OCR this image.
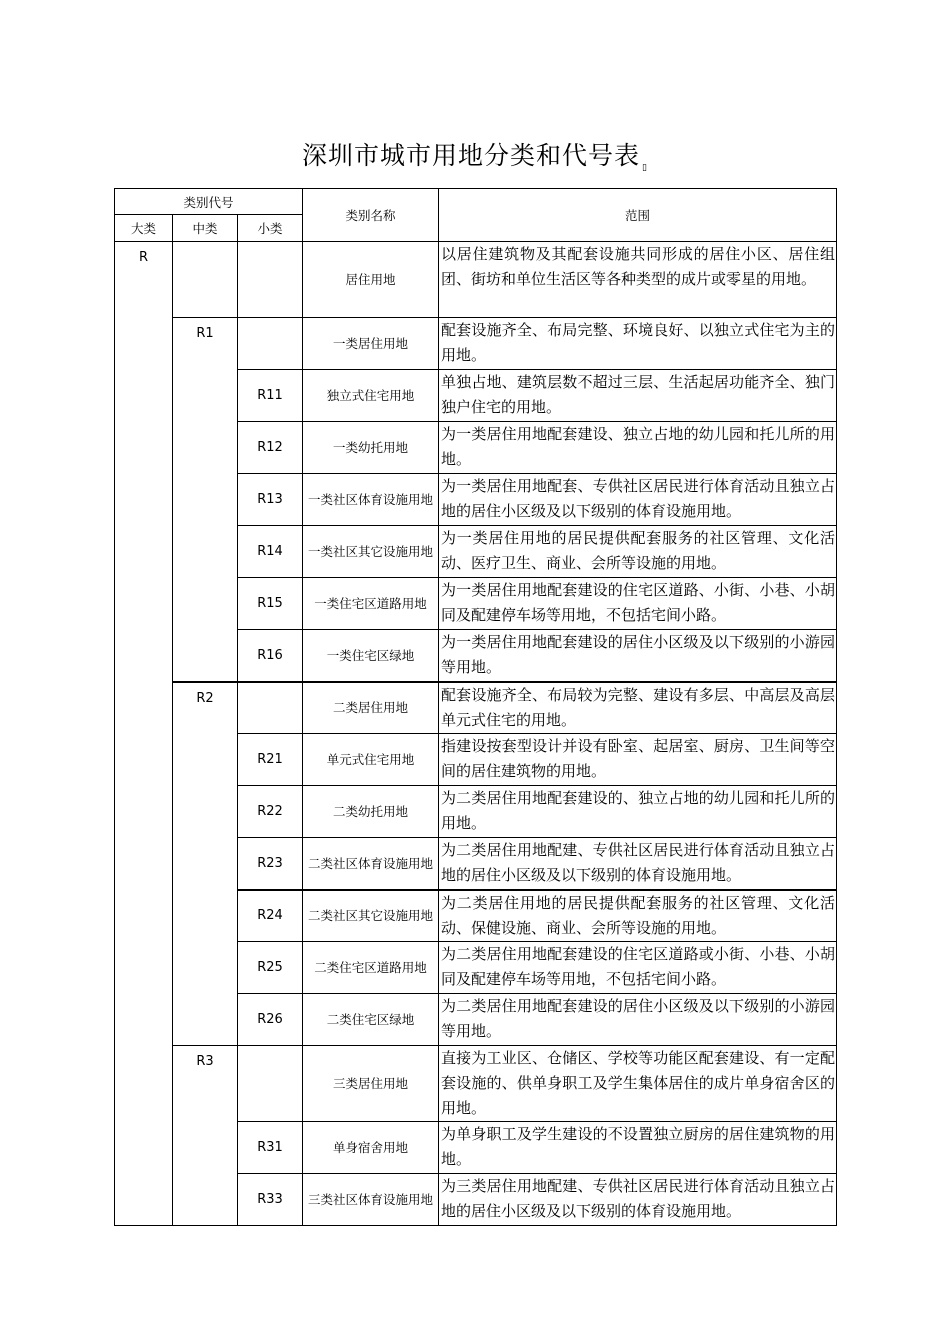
深圳市城市用地分类和代号表 $_▯$
类别代号			类别名称	范围
大类	中类	小类		
R			居住用地	以居住建筑物及其配套设施共同形成的居住小区、居住组团、街坊和单位生活区等各种类型的成片或零星的用地。
	R1		一类居住用地	配套设施齐全、布局完整、环境良好、以独立式住宅为主的用地。
		R11	独立式住宅用地	单独占地、建筑层数不超过三层、生活起居功能齐全、独门独户住宅的用地。
		R12	一类幼托用地	为一类居住用地配套建设、独立占地的幼儿园和托儿所的用地。
		R13	一类社区体育设施用地	为一类居住用地配套、专供社区居民进行体育活动且独立占地的居住小区级及以下级别的体育设施用地。
		R14	一类社区其它设施用地	为一类居住用地的居民提供配套服务的社区管理、文化活动、医疗卫生、商业、会所等设施的用地。
		R15	一类住宅区道路用地	为一类居住用地配套建设的住宅区道路、小街、小巷、小胡同及配建停车场等用地，不包括宅间小路。
		R16	一类住宅区绿地	为一类居住用地配套建设的居住小区级及以下级别的小游园等用地。
	R2		二类居住用地	配套设施齐全、布局较为完整、建设有多层、中高层及高层单元式住宅的用地。
		R21	单元式住宅用地	指建设按套型设计并设有卧室、起居室、厨房、卫生间等空间的居住建筑物的用地。
		R22	二类幼托用地	为二类居住用地配套建设的、独立占地的幼儿园和托儿所的用地。
		R23	二类社区体育设施用地	为二类居住用地配建、专供社区居民进行体育活动且独立占地的居住小区级及以下级别的体育设施用地。
		R24	二类社区其它设施用地	为二类居住用地的居民提供配套服务的社区管理、文化活动、保健设施、商业、会所等设施的用地。
		R25	二类住宅区道路用地	为二类居住用地配套建设的住宅区道路或小街、小巷、小胡同及配建停车场等用地，不包括宅间小路。
		R26	二类住宅区绿地	为二类居住用地配套建设的居住小区级及以下级别的小游园等用地。
	R3		三类居住用地	直接为工业区、仓储区、学校等功能区配套建设、有一定配套设施的、供单身职工及学生集体居住的成片单身宿舍区的用地。
		R31	单身宿舍用地	为单身职工及学生建设的不设置独立厨房的居住建筑物的用地。
		R33	三类社区体育设施用地	为三类居住用地配建、专供社区居民进行体育活动且独立占地的居住小区级及以下级别的体育设施用地。
